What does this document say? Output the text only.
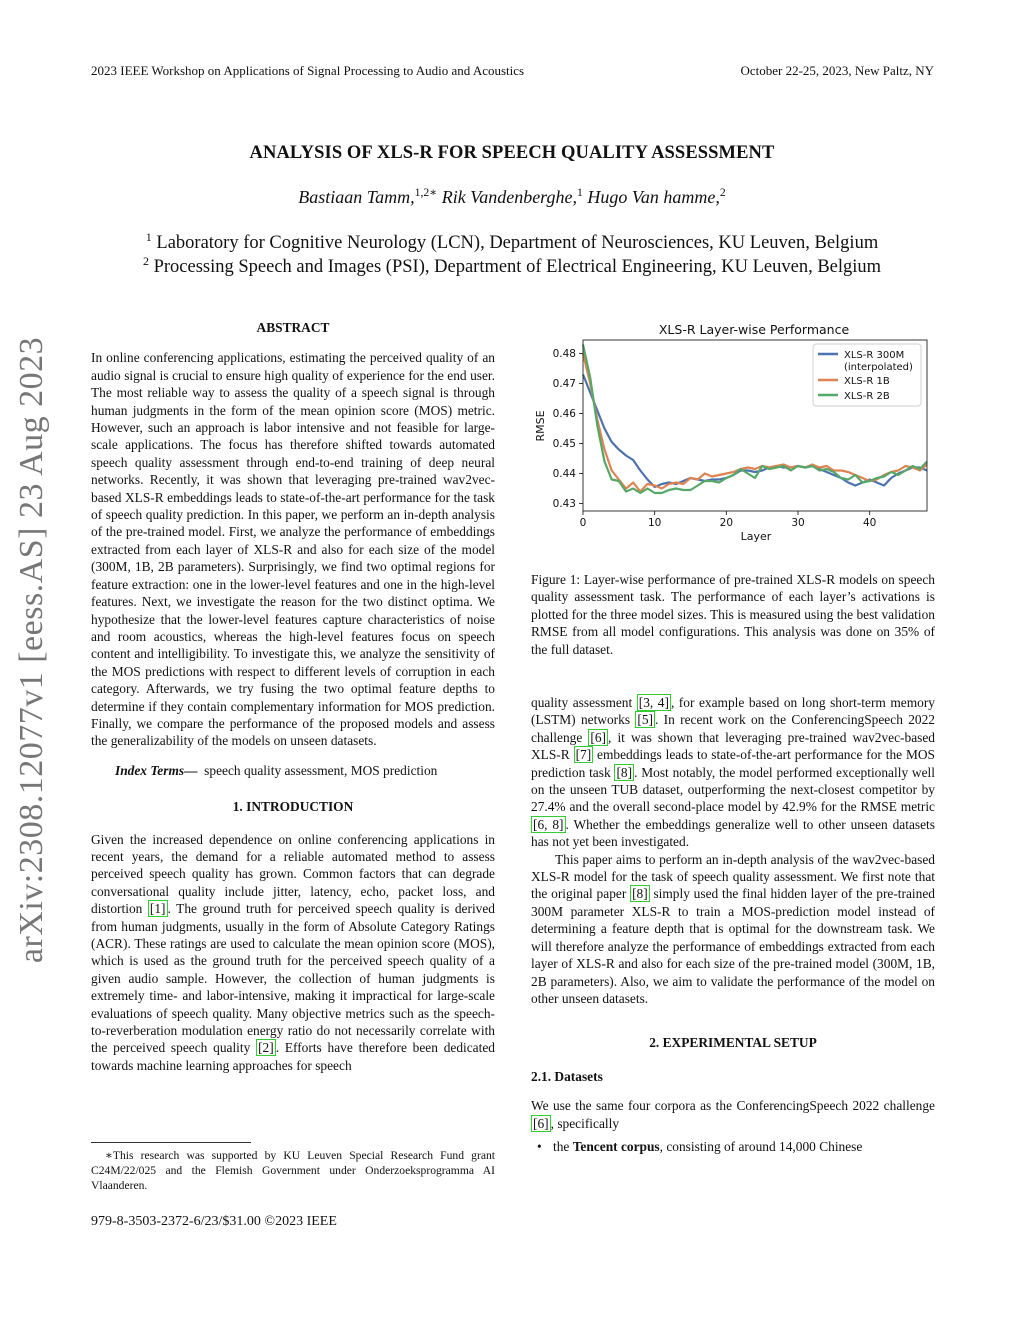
2023 IEEE Workshop on Applications of Signal Processing to Audio and Acoustics	October 22-25, 2023, New Paltz, NY
ANALYSIS OF XLS-R FOR SPEECH QUALITY ASSESSMENT
Bastiaan Tamm,$^{1,2∗}$ Rik Vandenberghe,$^1$ Hugo Van hamme,$^2$
$^1$ Laboratory for Cognitive Neurology (LCN), Department of Neurosciences, KU Leuven, Belgium
$^2$ Processing Speech and Images (PSI), Department of Electrical Engineering, KU Leuven, Belgium
arXiv:2308.12077v1 [eess.AS] 23 Aug 2023
ABSTRACT

In online conferencing applications, estimating the perceived quality of an audio signal is crucial to ensure high quality of experience for the end user. The most reliable way to assess the quality of a speech signal is through human judgments in the form of the mean opinion score (MOS) metric. However, such an approach is labor intensive and not feasible for large-scale applications. The focus has therefore shifted towards automated speech quality assessment through end-to-end training of deep neural networks. Recently, it was shown that leveraging pre-trained wav2vec-based XLS-R embeddings leads to state-of-the-art performance for the task of speech quality prediction. In this paper, we perform an in-depth analysis of the pre-trained model. First, we analyze the performance of embeddings extracted from each layer of XLS-R and also for each size of the model (300M, 1B, 2B parameters). Surprisingly, we find two optimal regions for feature extraction: one in the lower-level features and one in the high-level features. Next, we investigate the reason for the two distinct optima. We hypothesize that the lower-level features capture characteristics of noise and room acoustics, whereas the high-level features focus on speech content and intelligibility. To investigate this, we analyze the sensitivity of the MOS predictions with respect to different levels of corruption in each category. Afterwards, we try fusing the two optimal feature depths to determine if they contain complementary information for MOS prediction. Finally, we compare the performance of the proposed models and assess the generalizability of the models on unseen datasets.

Index Terms— speech quality assessment, MOS prediction

1. INTRODUCTION

Given the increased dependence on online conferencing applications in recent years, the demand for a reliable automated method to assess perceived speech quality has grown. Common factors that can degrade conversational quality include jitter, latency, echo, packet loss, and distortion [1] . The ground truth for perceived speech quality is derived from human judgments, usually in the form of Absolute Category Ratings (ACR). These ratings are used to calculate the mean opinion score (MOS), which is used as the ground truth for the perceived speech quality of a given audio sample. However, the collection of human judgments is extremely time- and labor-intensive, making it impractical for large-scale evaluations of speech quality. Many objective metrics such as the speech-to-reverberation modulation energy ratio do not necessarily correlate with the perceived speech quality [2] . Efforts have therefore been dedicated towards machine learning approaches for speech

∗This research was supported by KU Leuven Special Research Fund grant C24M/22/025 and the Flemish Government under Onderzoeksprogramma AI Vlaanderen.
979-8-3503-2372-6/23/$31.00 ©2023 IEEE
XLS-R Layer-wise Performance
0	10	20	30	40
0.43
0.44
0.45
0.46
0.47
0.48	XLS-R 300M
(interpolated)
XLS-R 1B
XLS-R 2B
Layer
RMSE
Figure 1: Layer-wise performance of pre-trained XLS-R models on speech quality assessment task. The performance of each layer’s activations is plotted for the three model sizes. This is measured using the best validation RMSE from all model configurations. This analysis was done on 35% of the full dataset.

quality assessment [3, 4] , for example based on long short-term memory (LSTM) networks [5] . In recent work on the ConferencingSpeech 2022 challenge [6] , it was shown that leveraging pre-trained wav2vec-based XLS-R [7] embeddings leads to state-of-the-art performance for the MOS prediction task [8] . Most notably, the model performed exceptionally well on the unseen TUB dataset, outperforming the next-closest competitor by 27.4% and the overall second-place model by 42.9% for the RMSE metric [6, 8] . Whether the embeddings generalize well to other unseen datasets has not yet been investigated.

This paper aims to perform an in-depth analysis of the wav2vec-based XLS-R model for the task of speech quality assessment. We first note that the original paper [8] simply used the final hidden layer of the pre-trained 300M parameter XLS-R to train a MOS-prediction model instead of determining a feature depth that is optimal for the downstream task. We will therefore analyze the performance of embeddings extracted from each layer of XLS-R and also for each size of the pre-trained model (300M, 1B, 2B parameters). Also, we aim to validate the performance of the model on other unseen datasets.

2. EXPERIMENTAL SETUP
2.1. Datasets

We use the same four corpora as the ConferencingSpeech 2022 challenge [6] , specifically

• the Tencent corpus, consisting of around 14,000 Chinese
